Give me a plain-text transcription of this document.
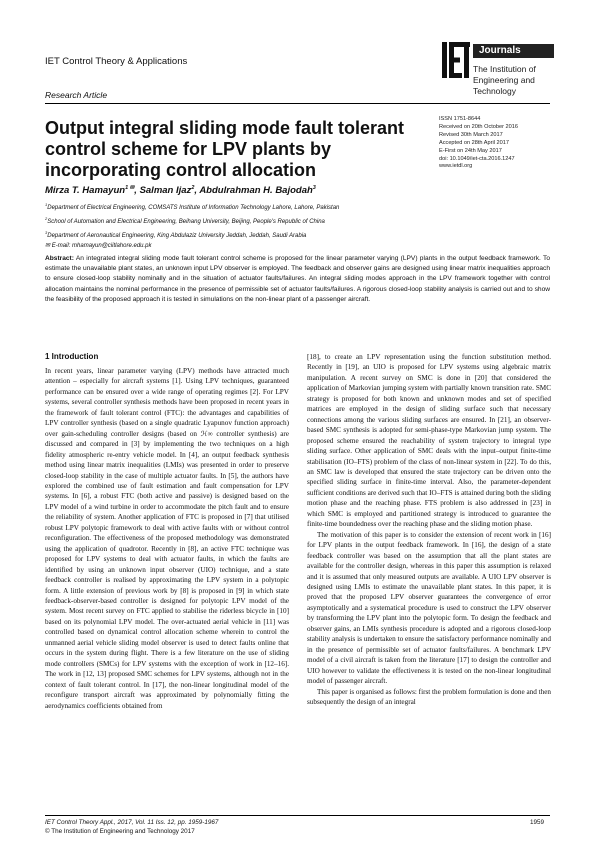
IET Control Theory & Applications
Research Article
Journals
The Institution of
Engineering and Technology
Output integral sliding mode fault tolerant control scheme for LPV plants by incorporating control allocation
ISSN 1751-8644
Received on 20th October 2016
Revised 30th March 2017
Accepted on 28th April 2017
E-First on 24th May 2017
doi: 10.1049/iet-cta.2016.1247
www.ietdl.org
Mirza T. Hamayun$^{1 ✉}$, Salman Ijaz$^2$, Abdulrahman H. Bajodah$^3$
$^1$Department of Electrical Engineering, COMSATS Institute of Information Technology Lahore, Lahore, Pakistan
$^2$School of Automation and Electrical Engineering, Beihang University, Beijing, People's Republic of China
$^3$Department of Aeronautical Engineering, King Abdulaziz University Jeddah, Jeddah, Saudi Arabia
✉ E-mail: mhamayun@ciitlahore.edu.pk
Abstract: An integrated integral sliding mode fault tolerant control scheme is proposed for the linear parameter varying (LPV) plants in the output feedback framework. To estimate the unavailable plant states, an unknown input LPV observer is employed. The feedback and observer gains are designed using linear matrix inequalities approach to ensure closed-loop stability nominally and in the situation of actuator faults/failures. An integral sliding modes approach in the LPV framework together with control allocation maintains the nominal performance in the presence of permissible set of actuator faults/failures. A rigorous closed-loop stability analysis is carried out and to show the feasibility of the proposed approach it is tested in simulations on the non-linear plant of a passenger aircraft.
1 Introduction

In recent years, linear parameter varying (LPV) methods have attracted much attention – especially for aircraft systems [1]. Using LPV techniques, guaranteed performance can be ensured over a wide range of operating regimes [2]. For LPV systems, several controller synthesis methods have been proposed in recent years in the framework of fault tolerant control (FTC): the advantages and capabilities of LPV controller synthesis (based on a single quadratic Lyapunov function approach) over gain-scheduling controller designs (based on ℋ∞ controller synthesis) are discussed and compared in [3] by implementing the two techniques on a high fidelity atmospheric re-entry vehicle model. In [4], an output feedback synthesis method using linear matrix inequalities (LMIs) was presented in order to preserve closed-loop stability in the case of multiple actuator faults. In [5], the authors have explored the combined use of fault estimation and fault compensation for LPV systems. In [6], a robust FTC (both active and passive) is designed based on the LPV model of a wind turbine in order to accommodate the pitch fault and to ensure the reliability of system. Another application of FTC is proposed in [7] that utilised robust LPV polytopic framework to deal with active faults with or without control reconfiguration. The effectiveness of the proposed methodology was demonstrated using the application of quadrotor. Recently in [8], an active FTC technique was proposed for LPV systems to deal with actuator faults, in which the faults are identified by using an unknown input observer (UIO) technique, and a state feedback controller is realised by approximating the LPV system in a polytopic form. A little extension of previous work by [8] is proposed in [9] in which state feedback-observer-based controller is designed for polytopic LPV model of the system. Most recent survey on FTC applied to stabilise the riderless bicycle in [10] based on its polynomial LPV model. The over-actuated aerial vehicle in [11] was controlled based on dynamical control allocation scheme wherein to control the unmanned aerial vehicle sliding model observer is used to detect faults online that occurs in the system during flight. There is a few literature on the use of sliding mode controllers (SMCs) for LPV systems with the exception of work in [12–16]. The work in [12, 13] proposed SMC schemes for LPV systems, although not in the context of fault tolerant control. In [17], the non-linear longitudinal model of the reconfigure transport aircraft was approximated by polynomially fitting the aerodynamics coefficients obtained from

[18], to create an LPV representation using the function substitution method. Recently in [19], an UIO is proposed for LPV systems using algebraic matrix manipulation. A recent survey on SMC is done in [20] that considered the application of Markovian jumping system with partially known transition rate. SMC strategy is proposed for both known and unknown modes and set of specified matrices are employed in the design of sliding surface such that necessary connections among the various sliding surfaces are ensured. In [21], an observer-based SMC synthesis is adopted for semi-phase-type Markovian jump system. The proposed scheme ensured the reachability of system trajectory to integral type sliding surface. Other application of SMC deals with the input–output finite-time stabilisation (IO–FTS) problem of the class of non-linear system in [22]. To do this, an SMC law is developed that ensured the state trajectory can be driven onto the specified sliding surface in finite-time interval. Also, the parameter-dependent sufficient conditions are derived such that IO–FTS is attained during both the sliding motion phase and the reaching phase. FTS problem is also addressed in [23] in which SMC is employed and partitioned strategy is introduced to guarantee the finite-time boundedness over the reaching phase and the sliding motion phase.

The motivation of this paper is to consider the extension of recent work in [16] for LPV plants in the output feedback framework. In [16], the design of a state feedback controller was based on the assumption that all the plant states are available for the controller design, whereas in this paper this assumption is relaxed and it is assumed that only measured outputs are available. A UIO LPV observer is designed using LMIs to estimate the unavailable plant states. In this paper, it is proved that the proposed LPV observer guarantees the convergence of error asymptotically and a systematical procedure is used to construct the LPV observer by transforming the LPV plant into the polytopic form. To design the feedback and observer gains, an LMIs synthesis procedure is adopted and a rigorous closed-loop stability analysis is undertaken to ensure the satisfactory performance nominally and in the presence of permissible set of actuator faults/failures. A benchmark LPV model of a civil aircraft is taken from the literature [17] to design the controller and UIO however to validate the effectiveness it is tested on the non-linear longitudinal model of passenger aircraft.

This paper is organised as follows: first the problem formulation is done and then subsequently the design of an integral

IET Control Theory Appl., 2017, Vol. 11 Iss. 12, pp. 1959-1967
© The Institution of Engineering and Technology 2017
1959
